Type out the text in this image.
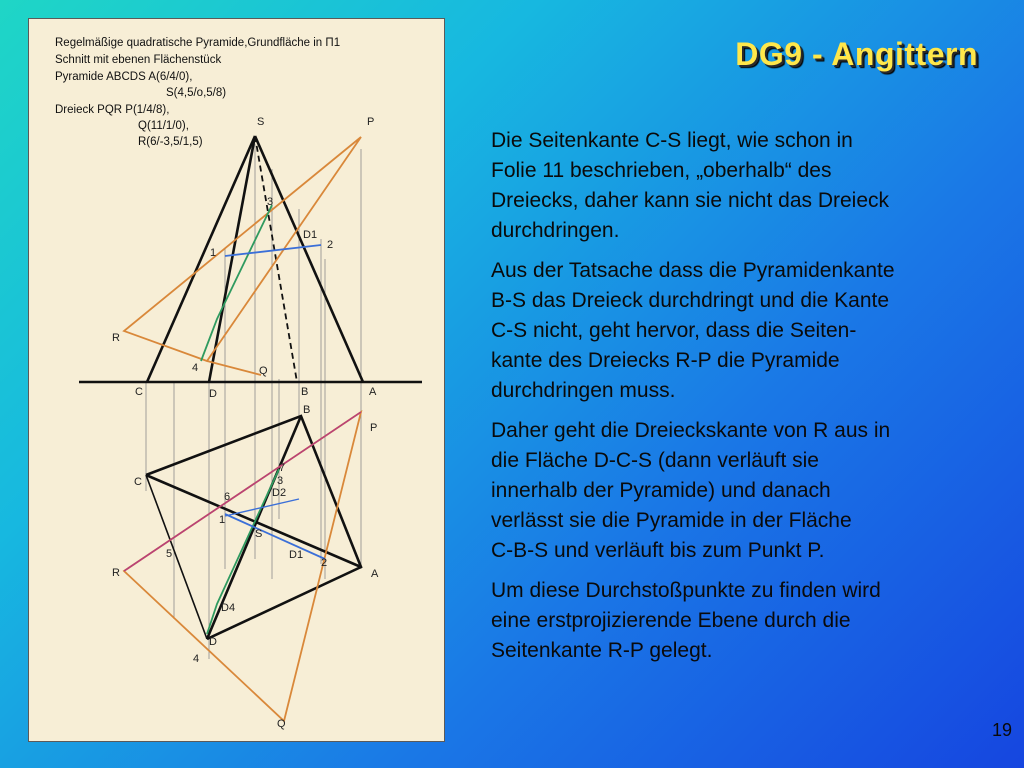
Regelmäßige quadratische Pyramide,Grundfläche in Π1
Schnitt mit ebenen Flächenstück
Pyramide ABCDS A(6/4/0),
S(4,5/o,5/8)
Dreieck PQR P(1/4/8),
Q(11/1/0),
R(6/-3,5/1,5)
S	P
3
D1
2
1
R
4	Q
C	D	B	A
B
P
7
C	3
D2
6
1
S
5	D1
2
R	A
D4
D
4
Q
DG9 - Angittern

Die Seitenkante C-S liegt, wie schon in
Folie 11 beschrieben, „oberhalb“ des
Dreiecks, daher kann sie nicht das Dreieck
durchdringen.

Aus der Tatsache dass die Pyramidenkante
B-S das Dreieck durchdringt und die Kante
C-S nicht, geht hervor, dass die Seiten-
kante des Dreiecks R-P die Pyramide
durchdringen muss.

Daher geht die Dreieckskante von R aus in
die Fläche D-C-S (dann verläuft sie
innerhalb der Pyramide) und danach
verlässt sie die Pyramide in der Fläche
C-B-S und verläuft bis zum Punkt P.

Um diese Durchstoßpunkte zu finden wird
eine erstprojizierende Ebene durch die
Seitenkante R-P gelegt.

19
